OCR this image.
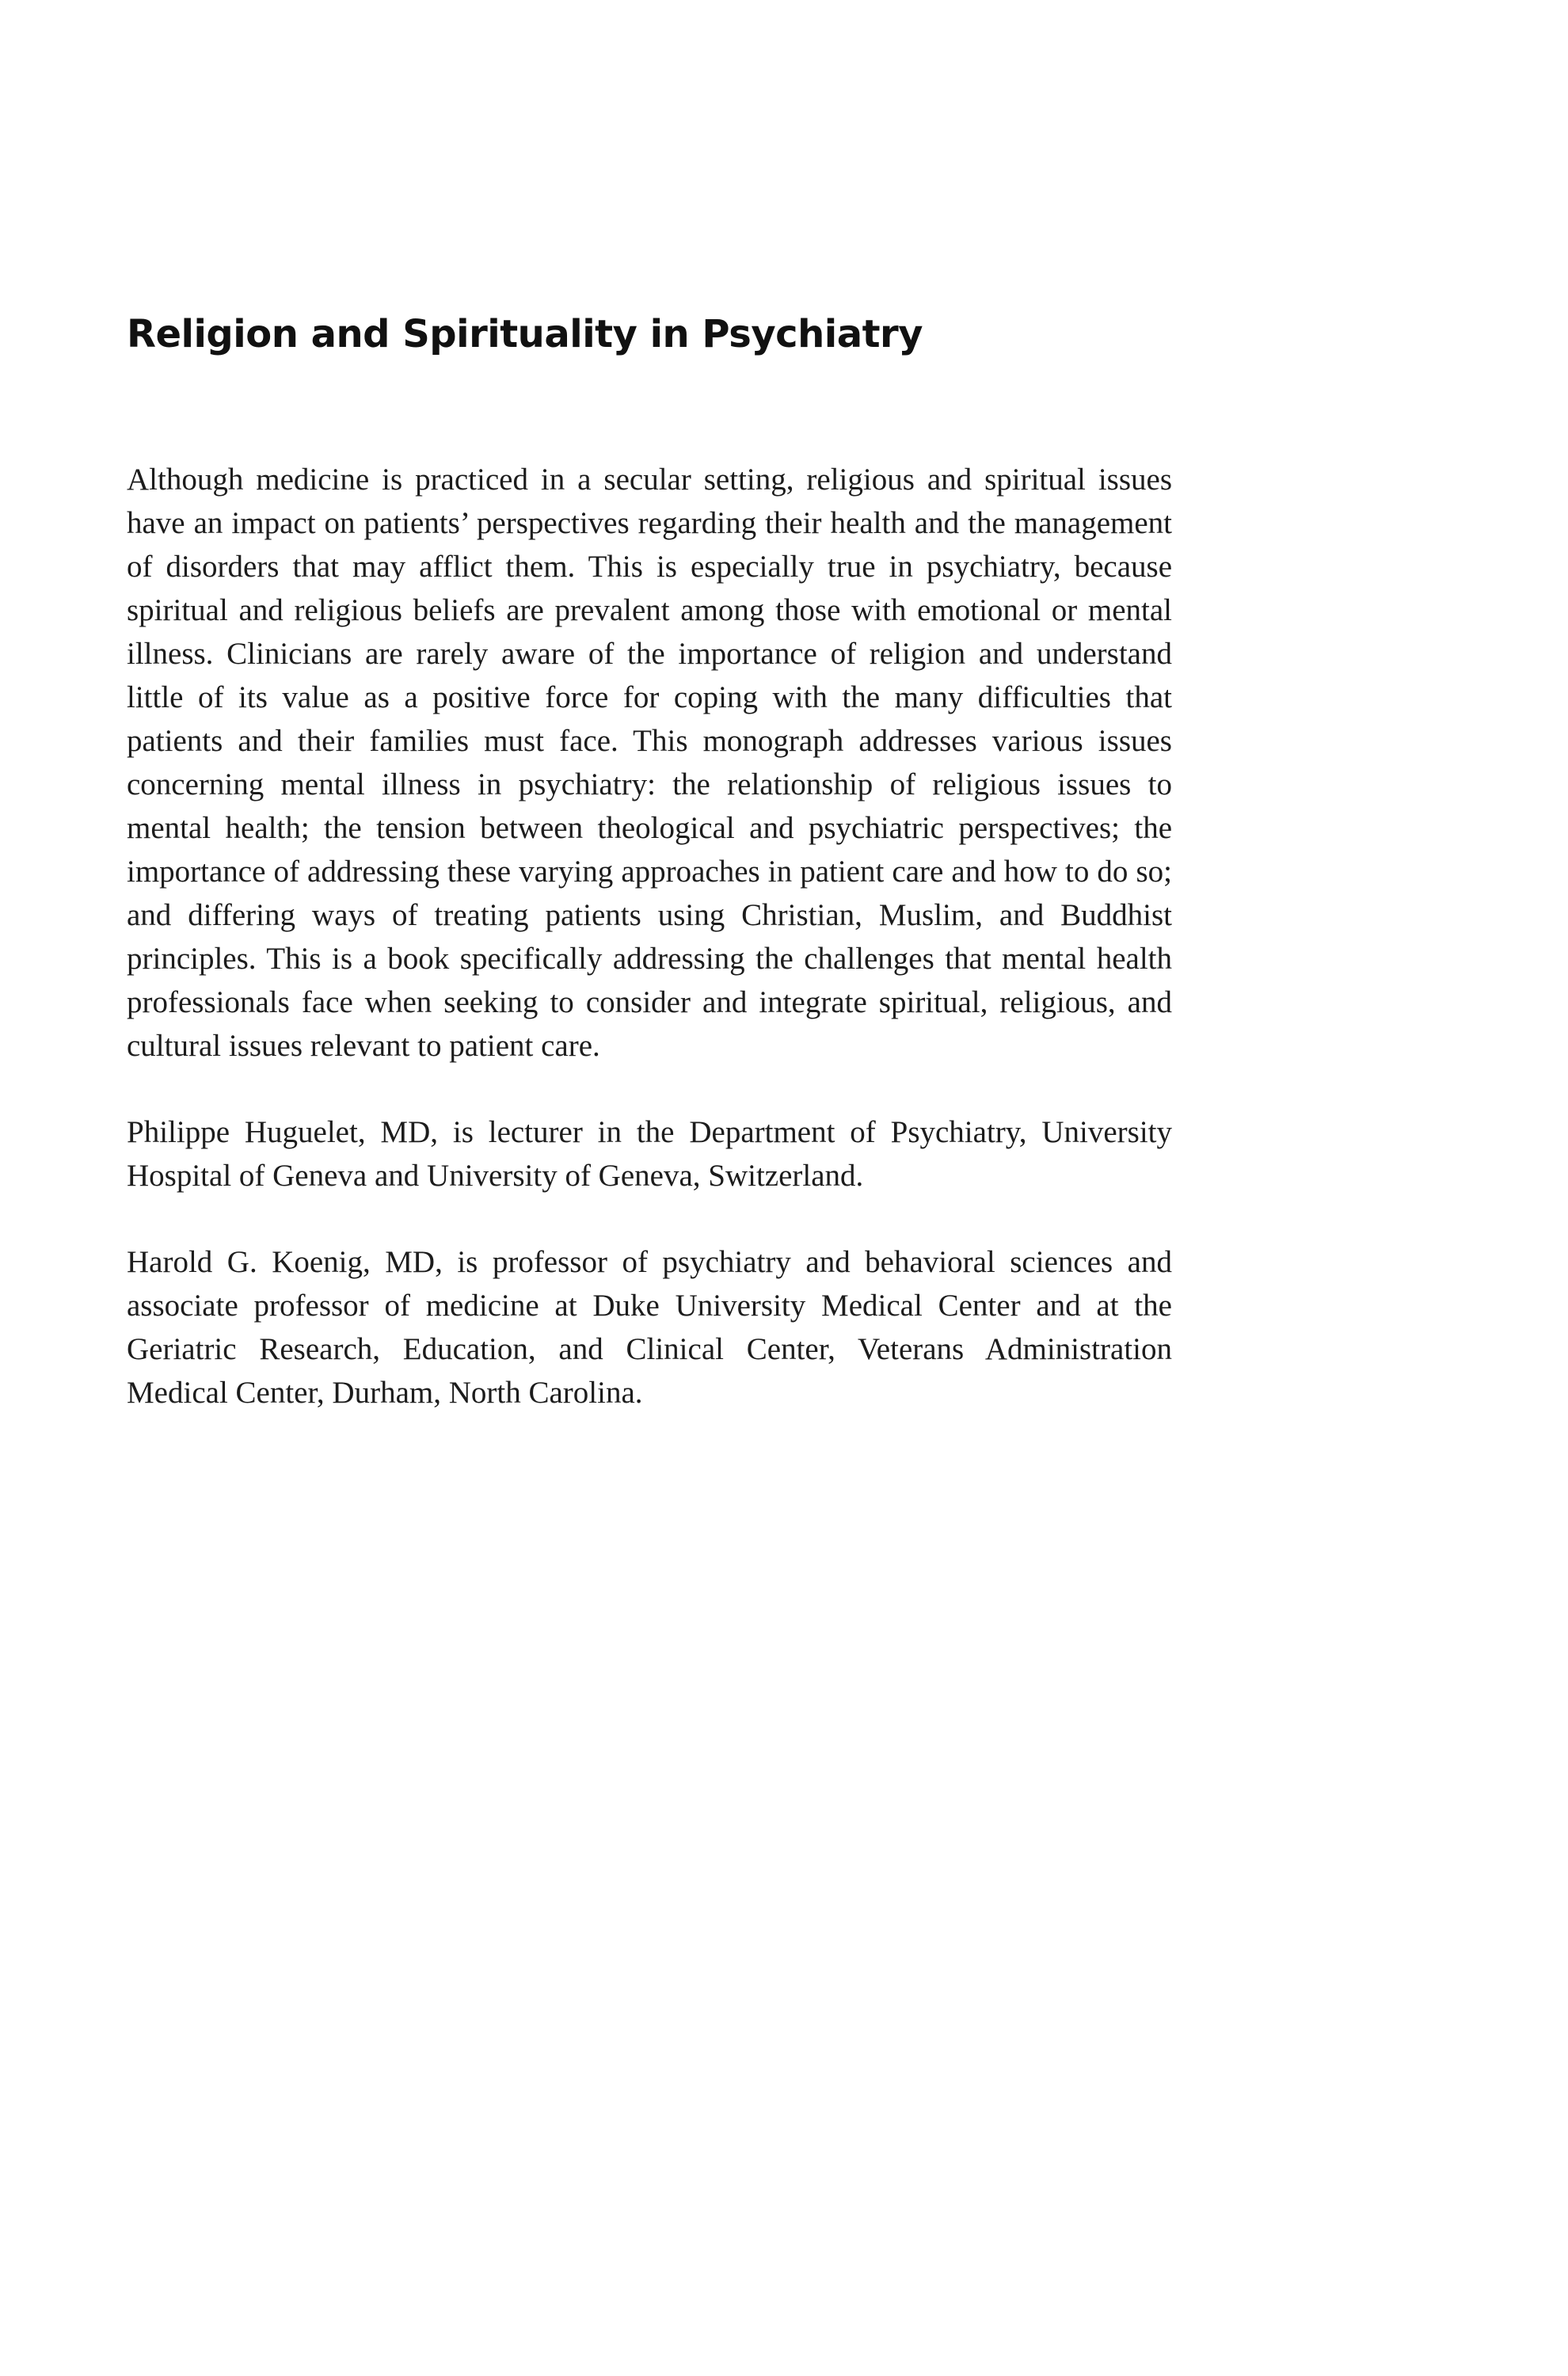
Religion and Spirituality in Psychiatry

Although medicine is practiced in a secular setting, religious and spiritual issues have an impact on patients’ perspectives regarding their health and the management of disorders that may afflict them. This is especially true in psychiatry, because spiritual and religious beliefs are prevalent among those with emotional or mental illness. Clinicians are rarely aware of the importance of religion and understand little of its value as a positive force for coping with the many difficulties that patients and their families must face. This monograph addresses various issues concerning mental illness in psychiatry: the relationship of religious issues to mental health; the tension between theological and psychiatric perspectives; the importance of addressing these varying approaches in patient care and how to do so; and differing ways of treating patients using Christian, Muslim, and Buddhist principles. This is a book specifically addressing the challenges that mental health professionals face when seeking to consider and integrate spiritual, religious, and cultural issues relevant to patient care.

Philippe Huguelet, MD, is lecturer in the Department of Psychiatry, University Hospital of Geneva and University of Geneva, Switzerland.

Harold G. Koenig, MD, is professor of psychiatry and behavioral sciences and associate professor of medicine at Duke University Medical Center and at the Geriatric Research, Education, and Clinical Center, Veterans Administration Medical Center, Durham, North Carolina.
